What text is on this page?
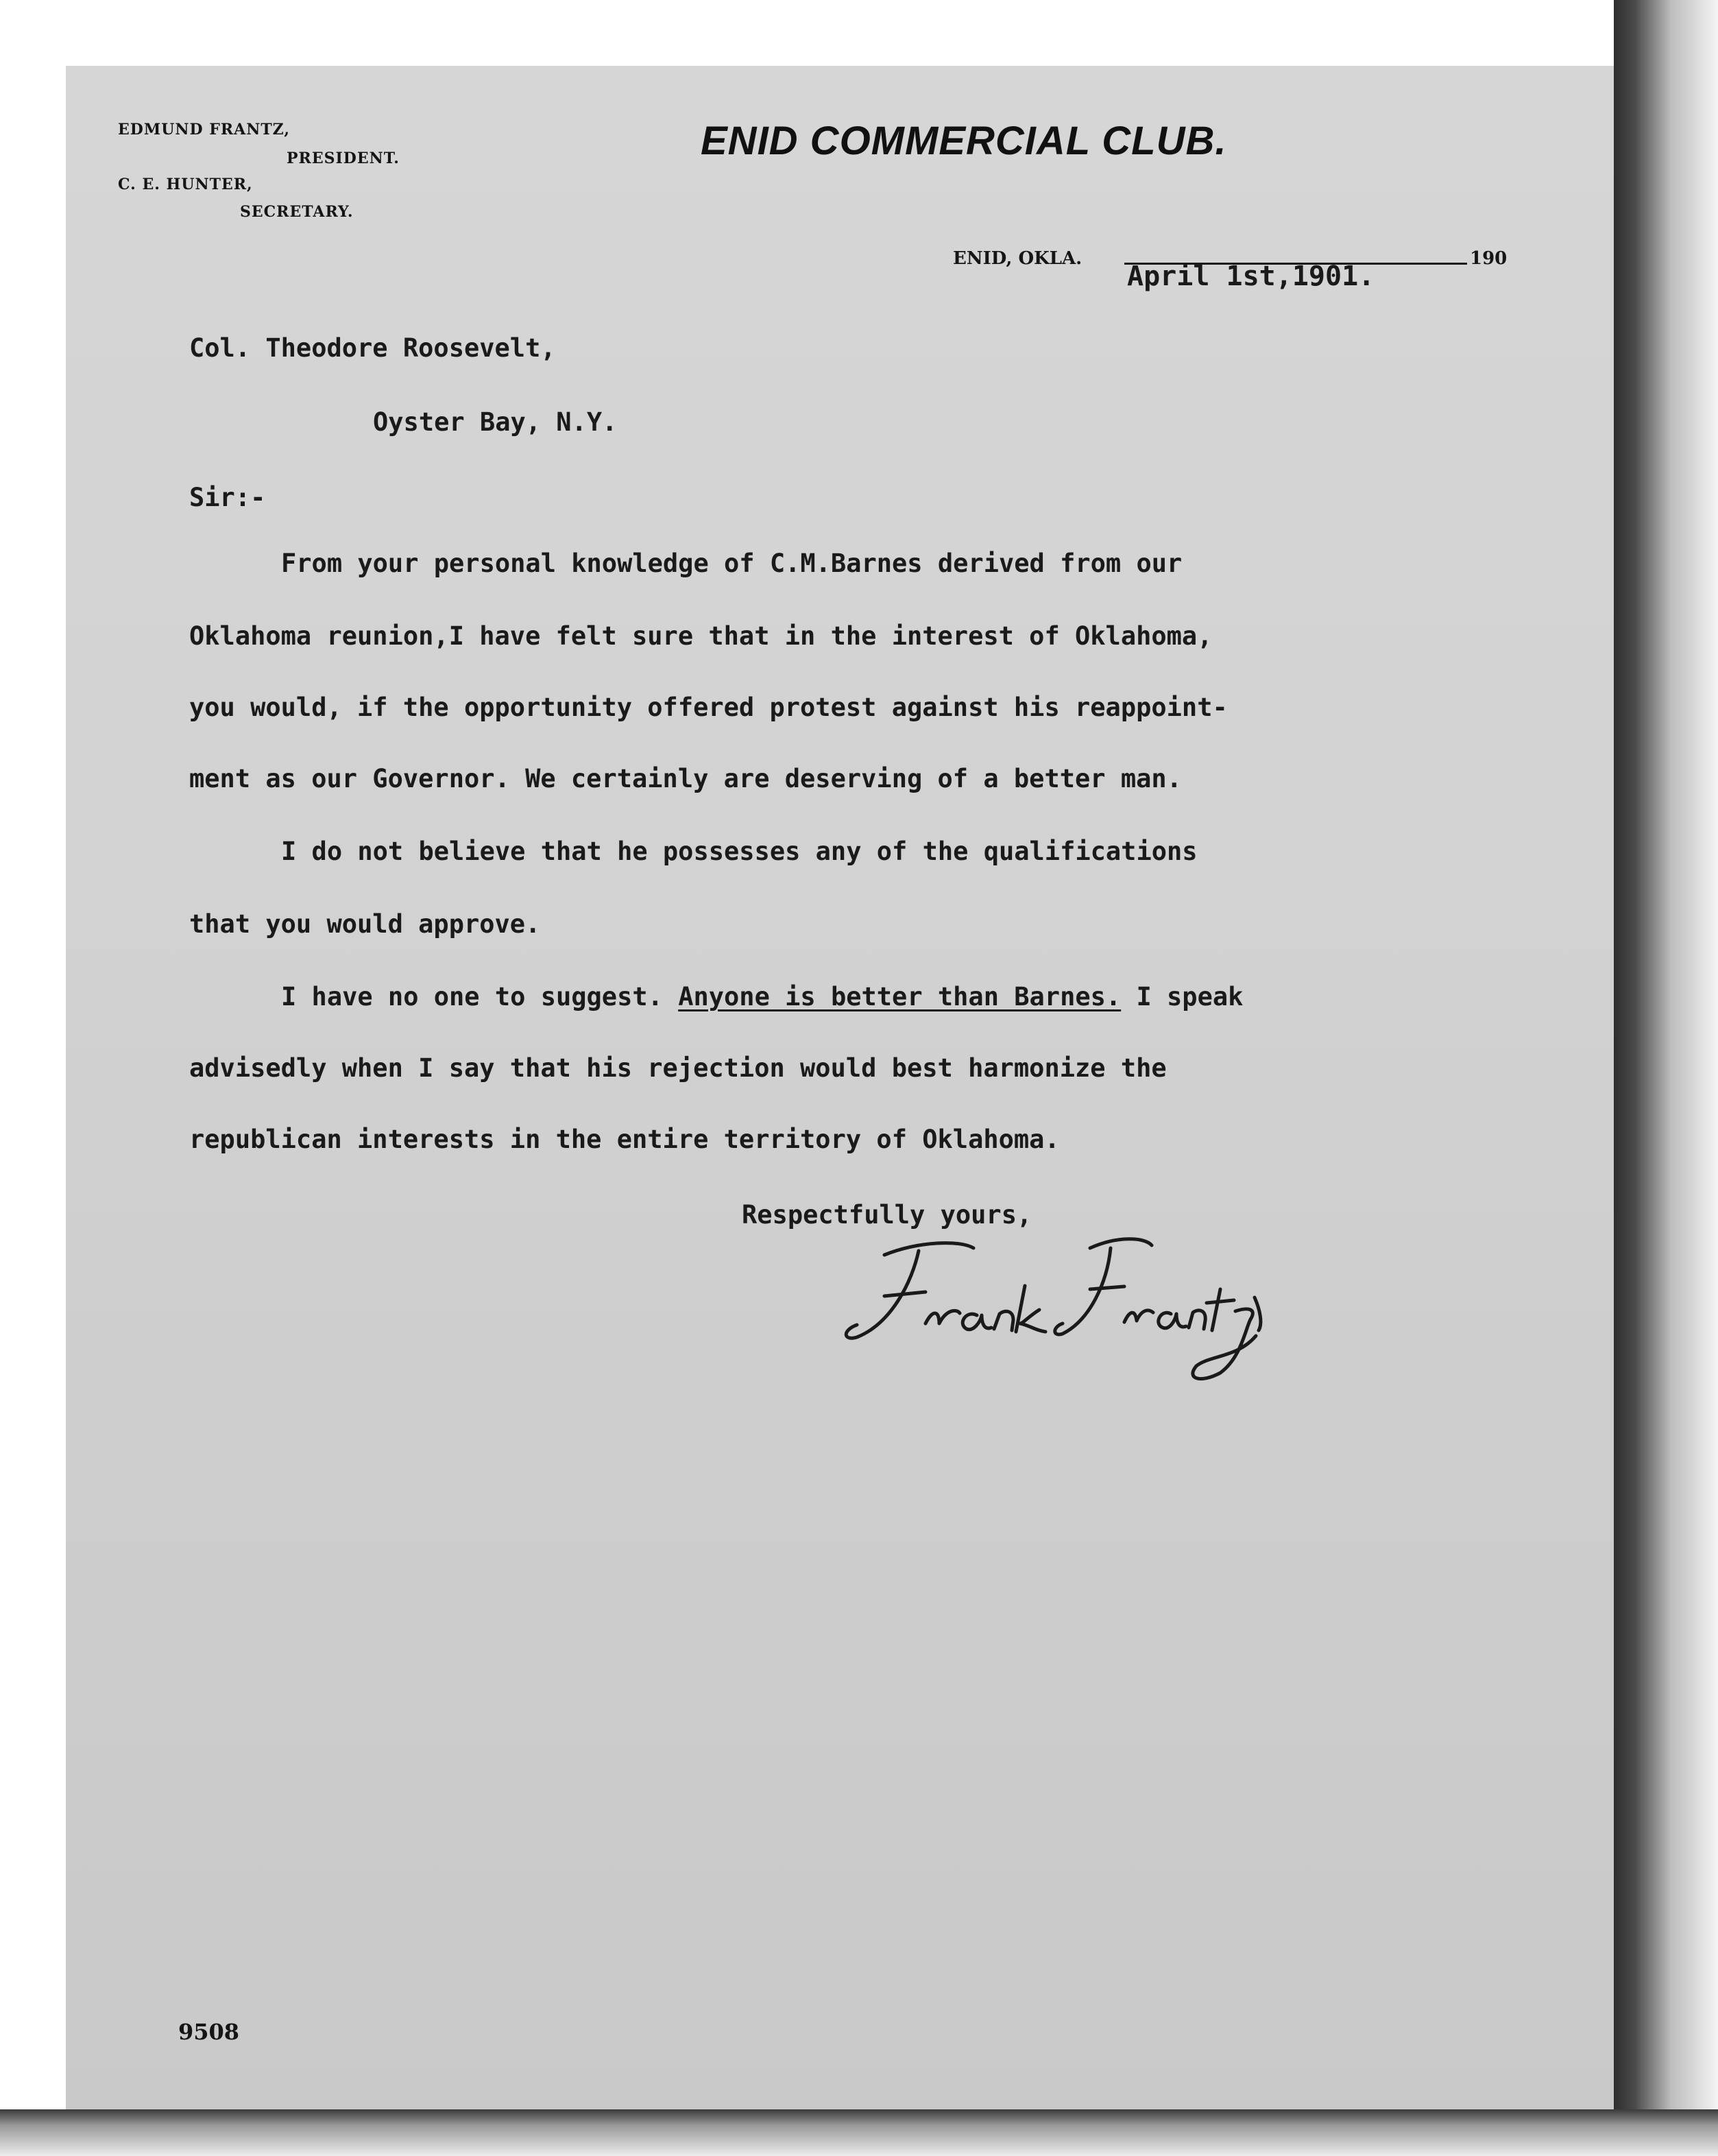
EDMUND FRANTZ,
PRESIDENT.
C. E. HUNTER,
SECRETARY.
ENID COMMERCIAL CLUB.
ENID, OKLA.	190
April 1st,1901.
Col. Theodore Roosevelt,
Oyster Bay, N.Y.
Sir:-
From your personal knowledge of C.M.Barnes derived from our
Oklahoma reunion,I have felt sure that in the interest of Oklahoma,
you would, if the opportunity offered protest against his reappoint-
ment as our Governor. We certainly are deserving of a better man.
I do not believe that he possesses any of the qualifications
that you would approve.
I have no one to suggest. Anyone is better than Barnes. I speak
advisedly when I say that his rejection would best harmonize the
republican interests in the entire territory of Oklahoma.
Respectfully yours,
9508
